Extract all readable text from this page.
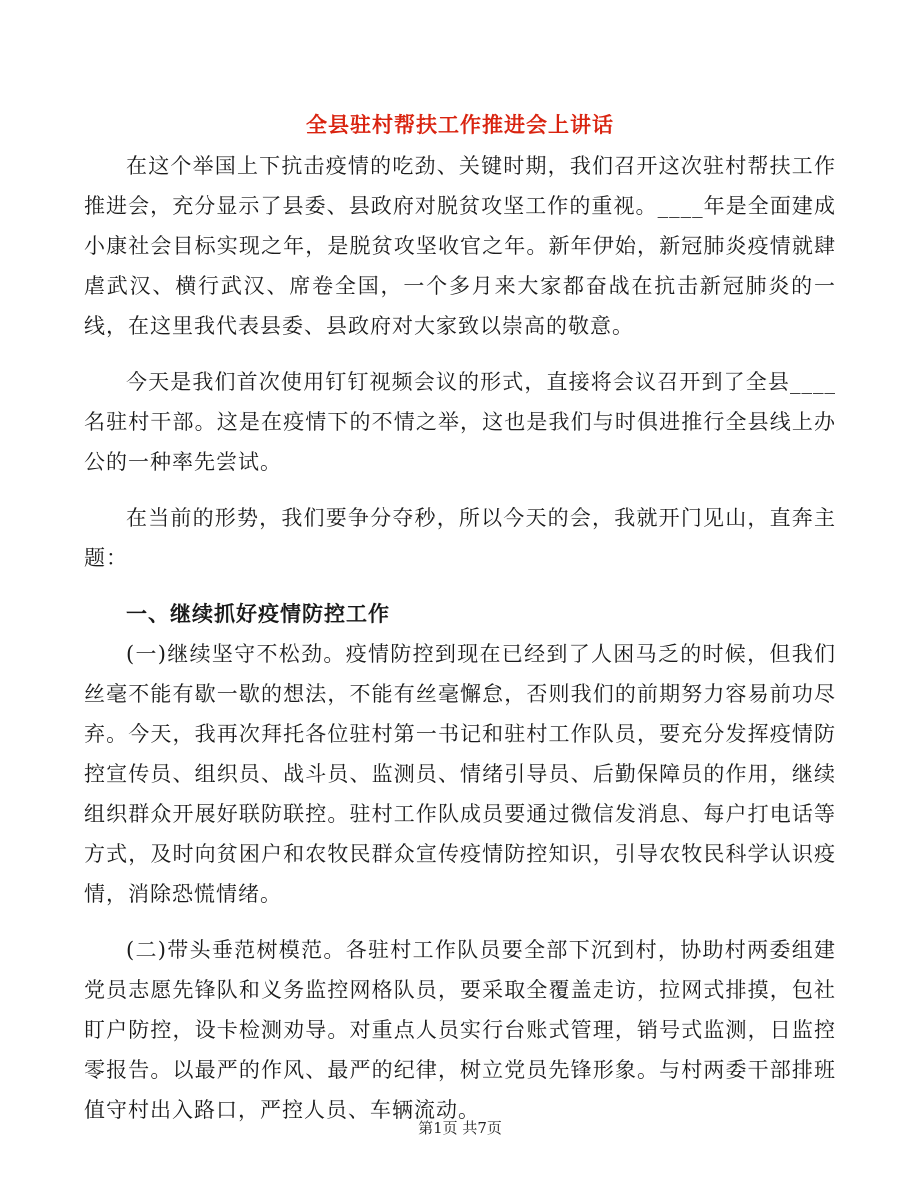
全县驻村帮扶工作推进会上讲话

在这个举国上下抗击疫情的吃劲、关键时期，我们召开这次驻村帮扶工作推进会，充分显示了县委、县政府对脱贫攻坚工作的重视。____年是全面建成小康社会目标实现之年，是脱贫攻坚收官之年。新年伊始，新冠肺炎疫情就肆虐武汉、横行武汉、席卷全国，一个多月来大家都奋战在抗击新冠肺炎的一线，在这里我代表县委、县政府对大家致以崇高的敬意。

今天是我们首次使用钉钉视频会议的形式，直接将会议召开到了全县____名驻村干部。这是在疫情下的不情之举，这也是我们与时俱进推行全县线上办公的一种率先尝试。

在当前的形势，我们要争分夺秒，所以今天的会，我就开门见山，直奔主题：

一、继续抓好疫情防控工作

(一)继续坚守不松劲。疫情防控到现在已经到了人困马乏的时候，但我们丝毫不能有歇一歇的想法，不能有丝毫懈怠，否则我们的前期努力容易前功尽弃。今天，我再次拜托各位驻村第一书记和驻村工作队员，要充分发挥疫情防控宣传员、组织员、战斗员、监测员、情绪引导员、后勤保障员的作用，继续组织群众开展好联防联控。驻村工作队成员要通过微信发消息、每户打电话等方式，及时向贫困户和农牧民群众宣传疫情防控知识，引导农牧民科学认识疫情，消除恐慌情绪。

(二)带头垂范树模范。各驻村工作队员要全部下沉到村，协助村两委组建党员志愿先锋队和义务监控网格队员，要采取全覆盖走访，拉网式排摸，包社盯户防控，设卡检测劝导。对重点人员实行台账式管理，销号式监测，日监控零报告。以最严的作风、最严的纪律，树立党员先锋形象。与村两委干部排班值守村出入路口，严控人员、车辆流动。

第1页 共7页
